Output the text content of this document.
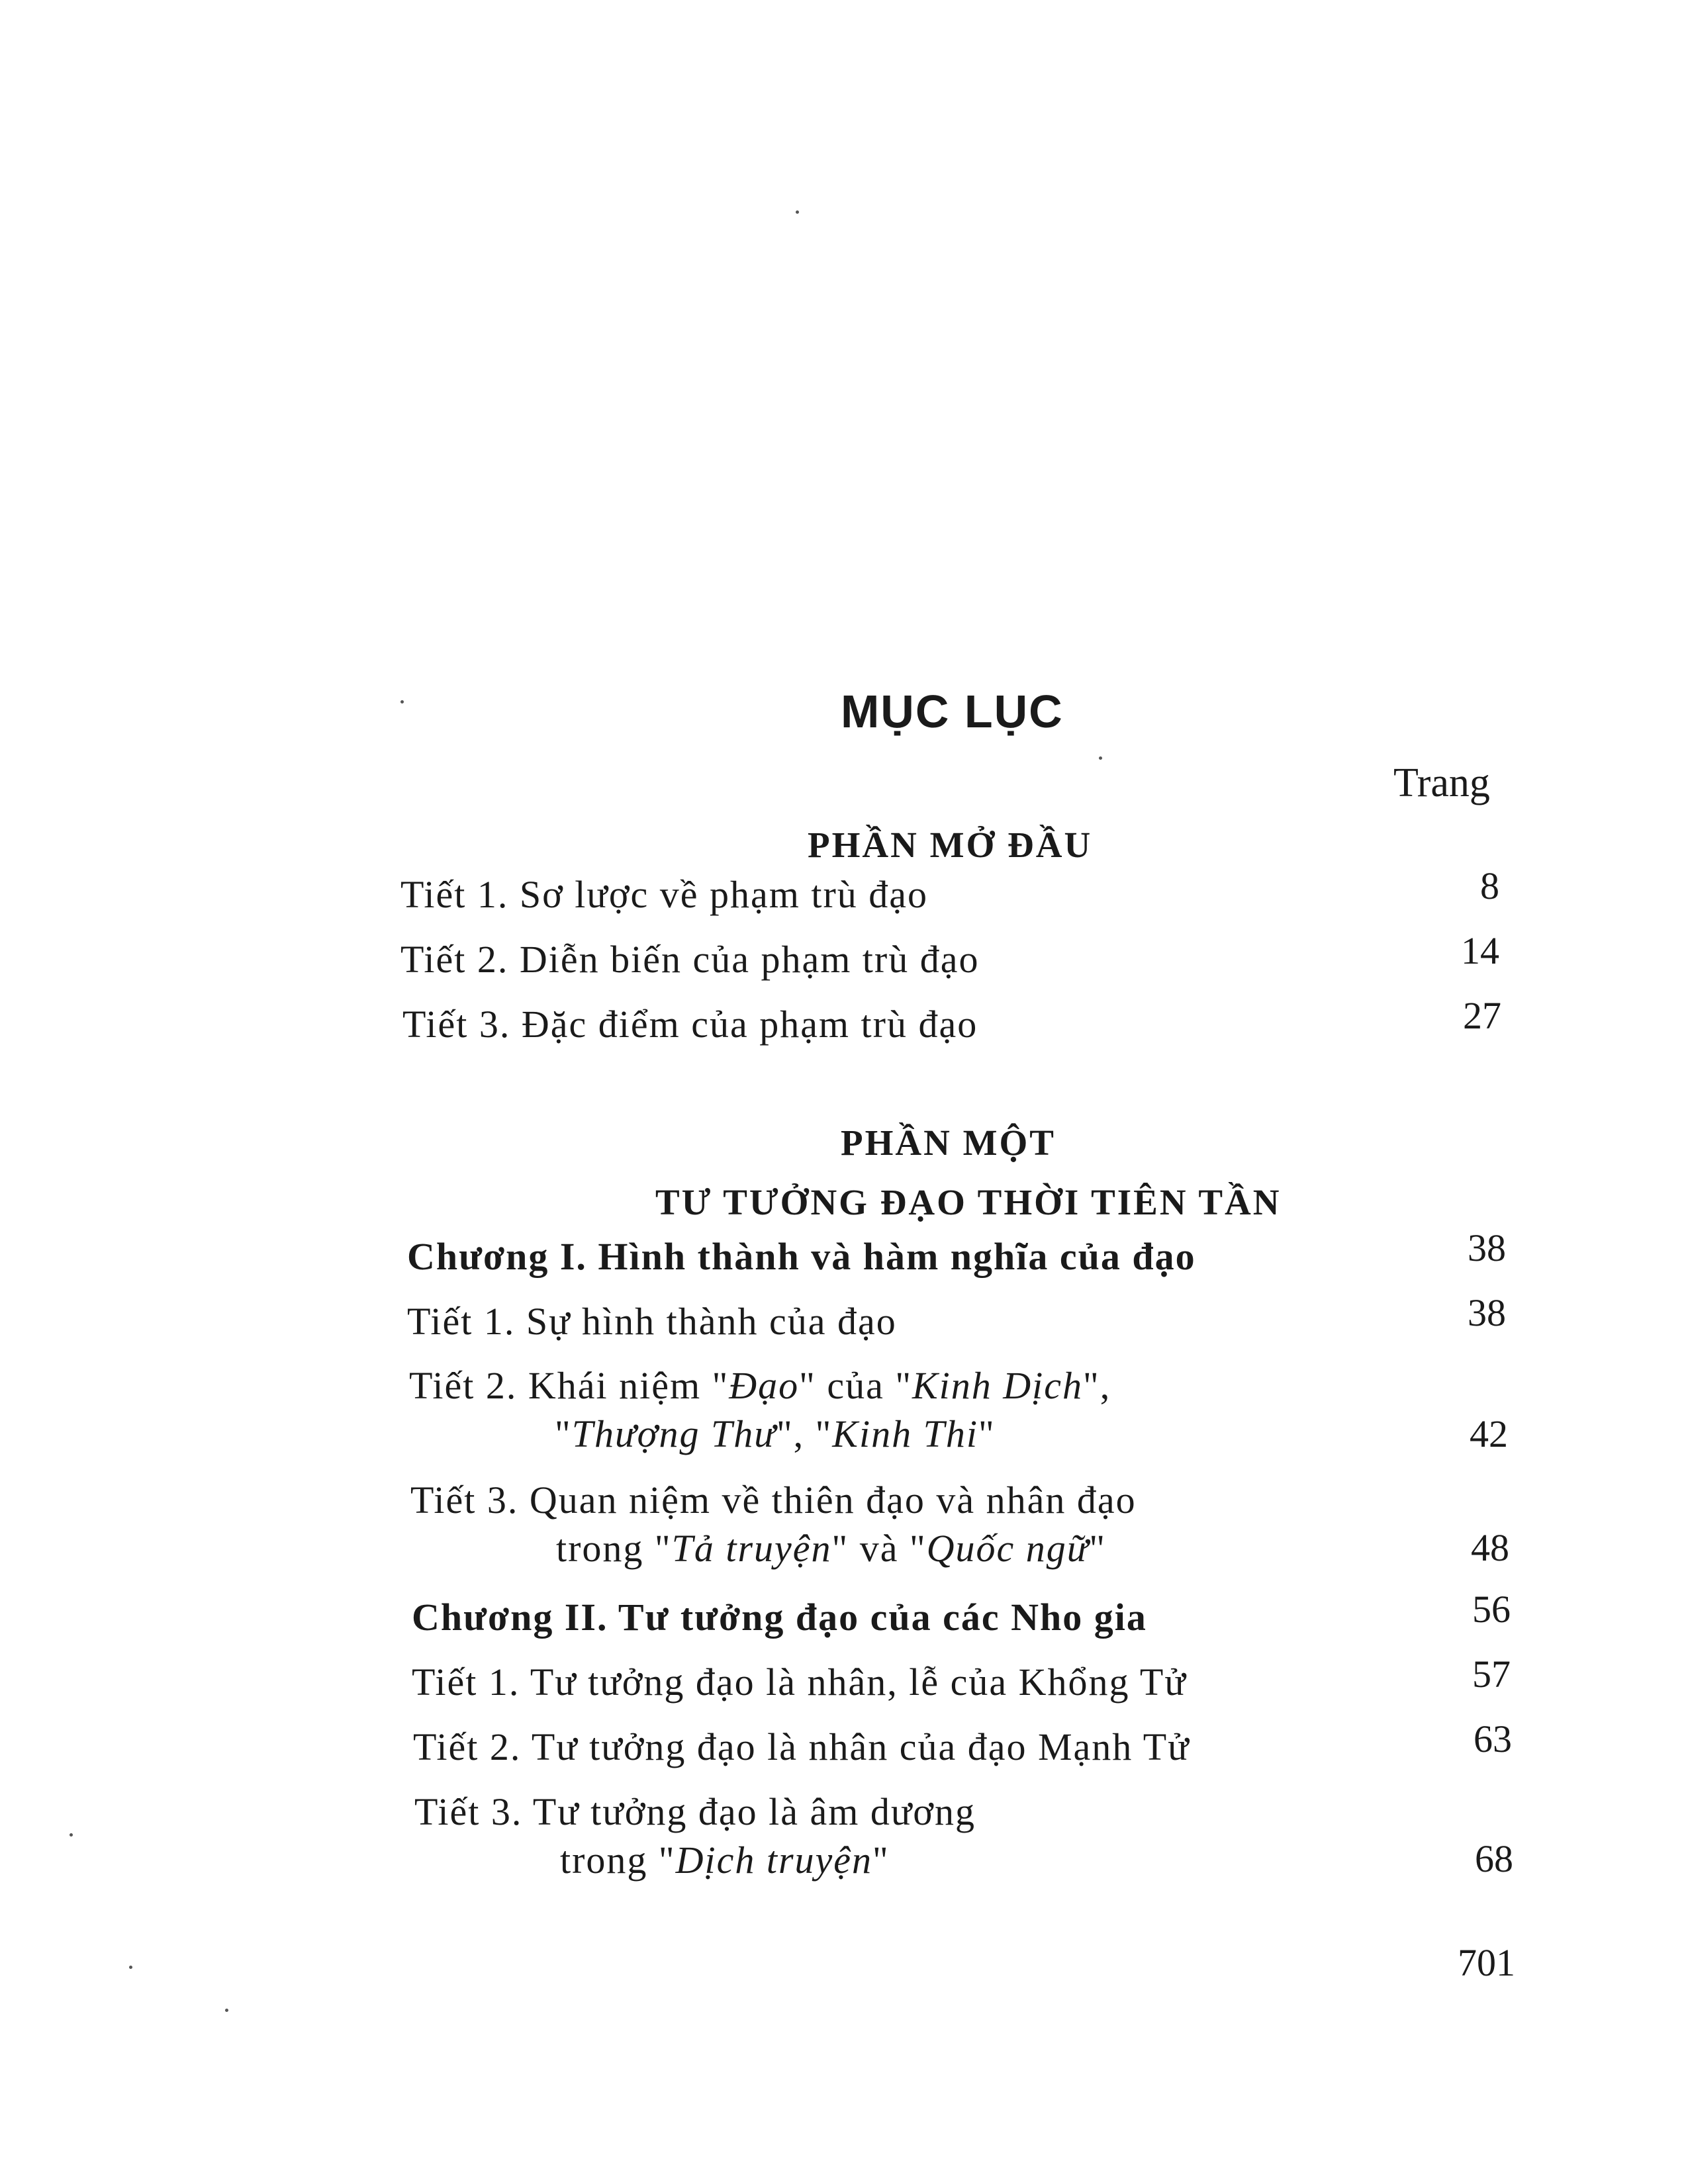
MỤC LỤC
Trang
PHẦN MỞ ĐẦU
Tiết 1. Sơ lược về phạm trù đạo	8
Tiết 2. Diễn biến của phạm trù đạo	14
Tiết 3. Đặc điểm của phạm trù đạo	27
PHẦN MỘT
TƯ TƯỞNG ĐẠO THỜI TIÊN TẦN
Chương I. Hình thành và hàm nghĩa của đạo	38
Tiết 1. Sự hình thành của đạo	38
Tiết 2. Khái niệm "Đạo" của "Kinh Dịch",
"Thượng Thư", "Kinh Thi"	42
Tiết 3. Quan niệm về thiên đạo và nhân đạo
trong "Tả truyện" và "Quốc ngữ"	48
Chương II. Tư tưởng đạo của các Nho gia	56
Tiết 1. Tư tưởng đạo là nhân, lễ của Khổng Tử	57
Tiết 2. Tư tưởng đạo là nhân của đạo Mạnh Tử	63
Tiết 3. Tư tưởng đạo là âm dương
trong "Dịch truyện"	68
701
